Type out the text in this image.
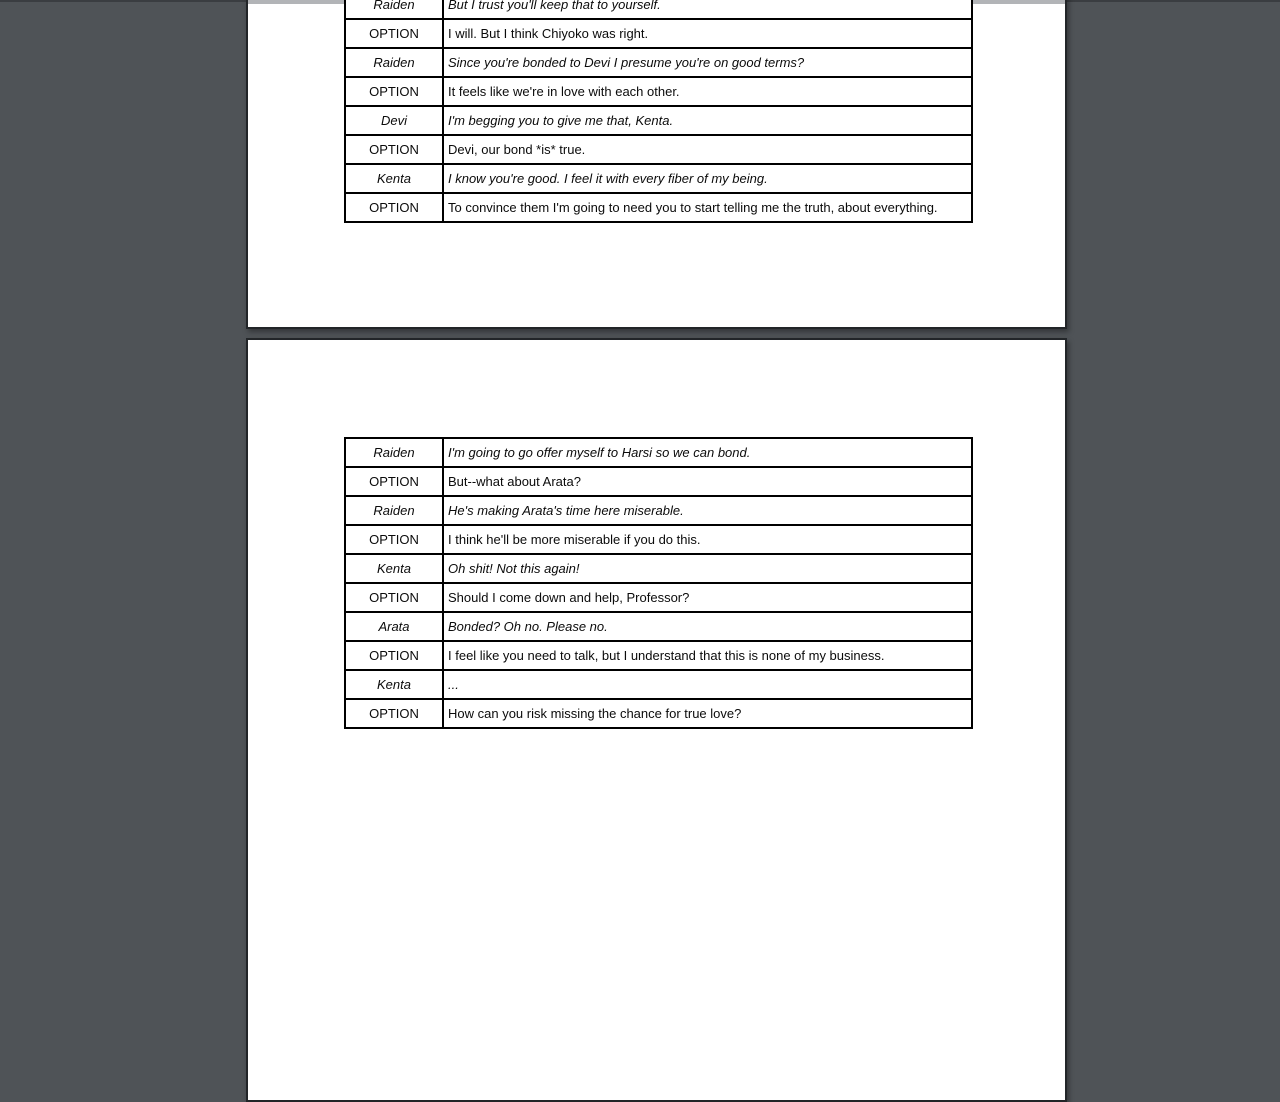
Raiden	But I trust you'll keep that to yourself.
OPTION	I will. But I think Chiyoko was right.
Raiden	Since you're bonded to Devi I presume you're on good terms?
OPTION	It feels like we're in love with each other.
Devi	I'm begging you to give me that, Kenta.
OPTION	Devi, our bond *is* true.
Kenta	I know you're good. I feel it with every fiber of my being.
OPTION	To convince them I'm going to need you to start telling me the truth, about everything.
Raiden	I'm going to go offer myself to Harsi so we can bond.
OPTION	But--what about Arata?
Raiden	He's making Arata's time here miserable.
OPTION	I think he'll be more miserable if you do this.
Kenta	Oh shit! Not this again!
OPTION	Should I come down and help, Professor?
Arata	Bonded? Oh no. Please no.
OPTION	I feel like you need to talk, but I understand that this is none of my business.
Kenta	...
OPTION	How can you risk missing the chance for true love?
